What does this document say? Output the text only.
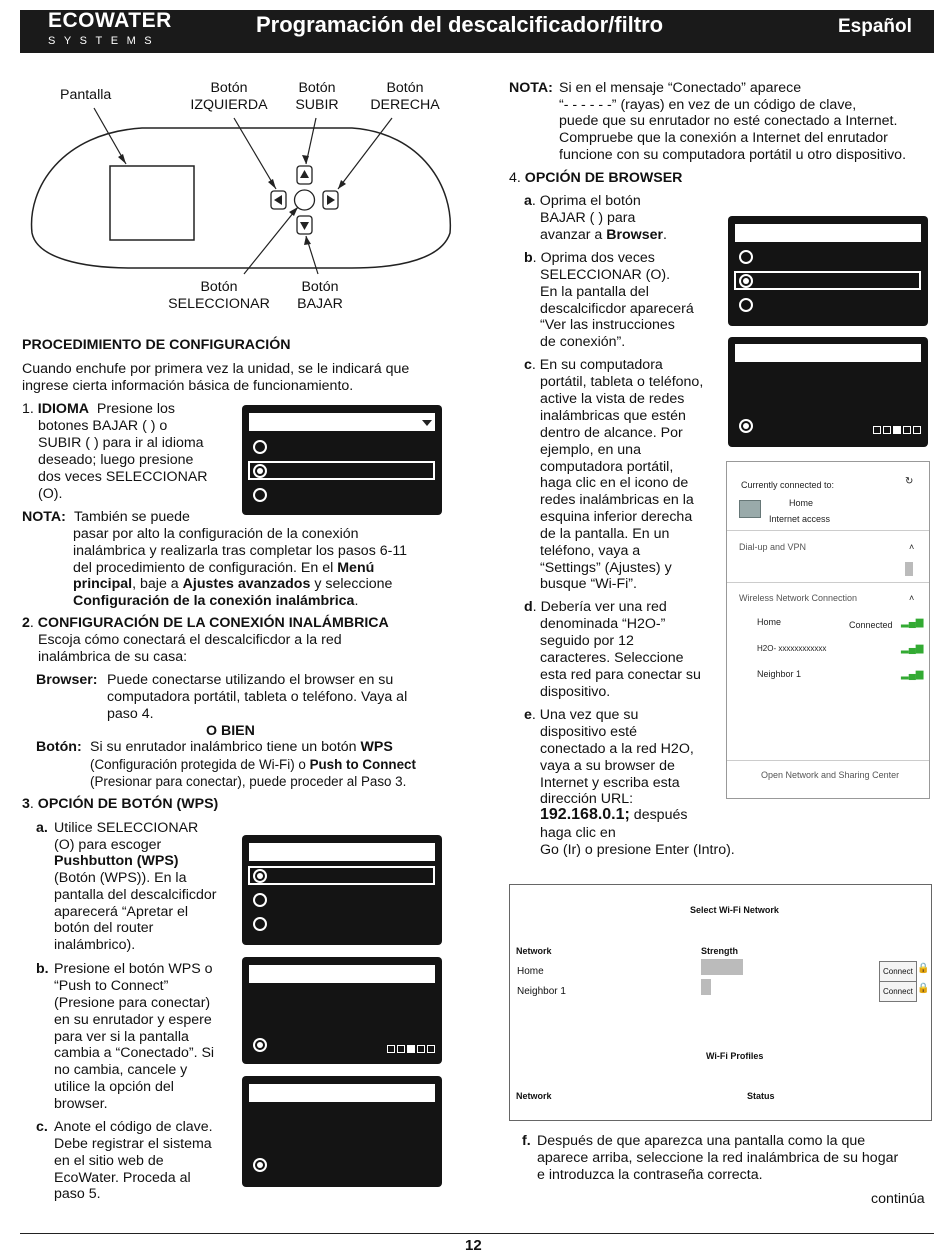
ECOWATER
SYSTEMS
Programación del descalcificador/filtro	Español
Pantalla	Botón
IZQUIERDA
Botón
SUBIR
Botón
DERECHA
Botón
SELECCIONAR
Botón
BAJAR
PROCEDIMIENTO DE CONFIGURACIÓN
Cuando enchufe por primera vez la unidad, se le indicará que
ingrese cierta información básica de funcionamiento.
1. IDIOMA Presione los
botones BAJAR ( ) o
SUBIR ( ) para ir al idioma
deseado; luego presione
dos veces SELECCIONAR
(O).
NOTA: También se puede
pasar por alto la configuración de la conexión
inalámbrica y realizarla tras completar los pasos 6-11
del procedimiento de configuración. En el Menú
principal, baje a Ajustes avanzados y seleccione
Configuración de la conexión inalámbrica.
2. CONFIGURACIÓN DE LA CONEXIÓN INALÁMBRICA
Escoja cómo conectará el descalcificdor a la red
inalámbrica de su casa:
Browser: Puede conectarse utilizando el browser en su
computadora portátil, tableta o teléfono. Vaya al
paso 4.
O BIEN
Botón: Si su enrutador inalámbrico tiene un botón WPS
(Configuración protegida de Wi-Fi) o Push to Connect
(Presionar para conectar), puede proceder al Paso 3.
3. OPCIÓN DE BOTÓN (WPS)
a. Utilice SELECCIONAR
(O) para escoger
Pushbutton (WPS)
(Botón (WPS)). En la
pantalla del descalcificdor
aparecerá “Apretar el
botón del router
inalámbrico).
b. Presione el botón WPS o
“Push to Connect”
(Presione para conectar)
en su enrutador y espere
para ver si la pantalla
cambia a “Conectado”. Si
no cambia, cancele y
utilice la opción del
browser.
c. Anote el código de clave.
Debe registrar el sistema
en el sitio web de
EcoWater. Proceda al
paso 5.
NOTA: Si en el mensaje “Conectado” aparece
“- - - - - -” (rayas) en vez de un código de clave,
puede que su enrutador no esté conectado a Internet.
Compruebe que la conexión a Internet del enrutador
funcione con su computadora portátil u otro dispositivo.
4. OPCIÓN DE BROWSER
a. Oprima el botón
BAJAR ( ) para
avanzar a Browser.
b. Oprima dos veces
SELECCIONAR (O).
En la pantalla del
descalcificdor aparecerá
“Ver las instrucciones
de conexión”.
c. En su computadora
portátil, tableta o teléfono,
active la vista de redes
inalámbricas que estén
dentro de alcance. Por
ejemplo, en una
computadora portátil,
haga clic en el icono de
redes inalámbricas en la
esquina inferior derecha
de la pantalla. En un
teléfono, vaya a
“Settings” (Ajustes) y
busque “Wi-Fi”.
d. Debería ver una red
denominada “H2O-”
seguido por 12
caracteres. Seleccione
esta red para conectar su
dispositivo.
e. Una vez que su
dispositivo esté
conectado a la red H2O,
vaya a su browser de
Internet y escriba esta
dirección URL:
192.168.0.1; después
haga clic en
Go (Ir) o presione Enter (Intro).
Currently connected to:	↻
Home
Internet access
Dial-up and VPN	˄
Wireless Network Connection	˄
Home	Connected ▂▄▆
H2O- xxxxxxxxxxxx	▂▄▆
Neighbor 1	▂▄▆
Open Network and Sharing Center
Select Wi-Fi Network
Network	Strength
Home	Connect 🔒
Neighbor 1	Connect 🔒
Wi-Fi Profiles
Network	Status
f. Después de que aparezca una pantalla como la que
aparece arriba, seleccione la red inalámbrica de su hogar
e introduzca la contraseña correcta.
continúa
12
